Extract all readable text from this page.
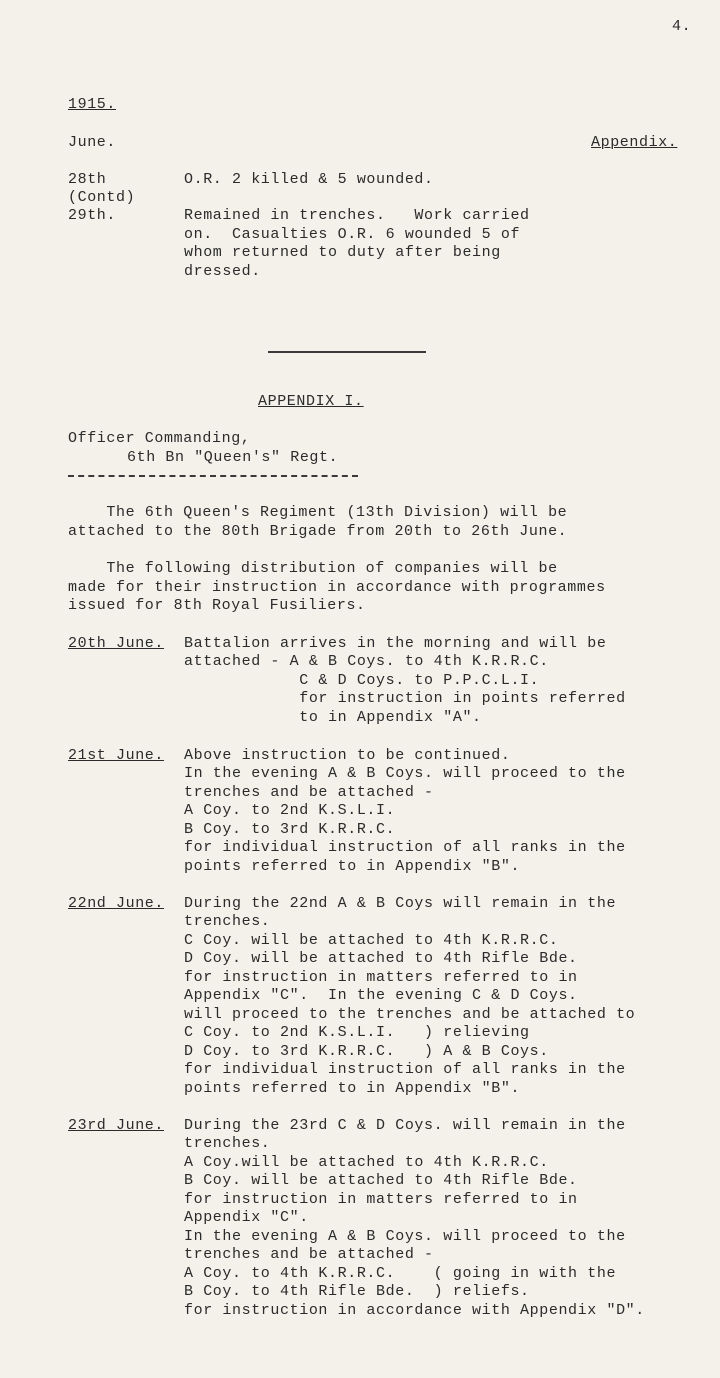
4.
1915.
June.	Appendix.
28th	O.R. 2 killed & 5 wounded.
(Contd)
29th.	Remained in trenches.   Work carried
on.  Casualties O.R. 6 wounded 5 of
whom returned to duty after being
dressed.
APPENDIX I.
Officer Commanding,
6th Bn "Queen's" Regt.
The 6th Queen's Regiment (13th Division) will be
attached to the 80th Brigade from 20th to 26th June.
The following distribution of companies will be
made for their instruction in accordance with programmes
issued for 8th Royal Fusiliers.
20th June. Battalion arrives in the morning and will be
attached - A & B Coys. to 4th K.R.R.C.
C & D Coys. to P.P.C.L.I.
for instruction in points referred
to in Appendix "A".
21st June. Above instruction to be continued.
In the evening A & B Coys. will proceed to the
trenches and be attached -
A Coy. to 2nd K.S.L.I.
B Coy. to 3rd K.R.R.C.
for individual instruction of all ranks in the
points referred to in Appendix "B".
22nd June. During the 22nd A & B Coys will remain in the
trenches.
C Coy. will be attached to 4th K.R.R.C.
D Coy. will be attached to 4th Rifle Bde.
for instruction in matters referred to in
Appendix "C".  In the evening C & D Coys.
will proceed to the trenches and be attached to
C Coy. to 2nd K.S.L.I.   ) relieving
D Coy. to 3rd K.R.R.C.   ) A & B Coys.
for individual instruction of all ranks in the
points referred to in Appendix "B".
23rd June. During the 23rd C & D Coys. will remain in the
trenches.
A Coy.will be attached to 4th K.R.R.C.
B Coy. will be attached to 4th Rifle Bde.
for instruction in matters referred to in
Appendix "C".
In the evening A & B Coys. will proceed to the
trenches and be attached -
A Coy. to 4th K.R.R.C.    ( going in with the
B Coy. to 4th Rifle Bde.  ) reliefs.
for instruction in accordance with Appendix "D".
